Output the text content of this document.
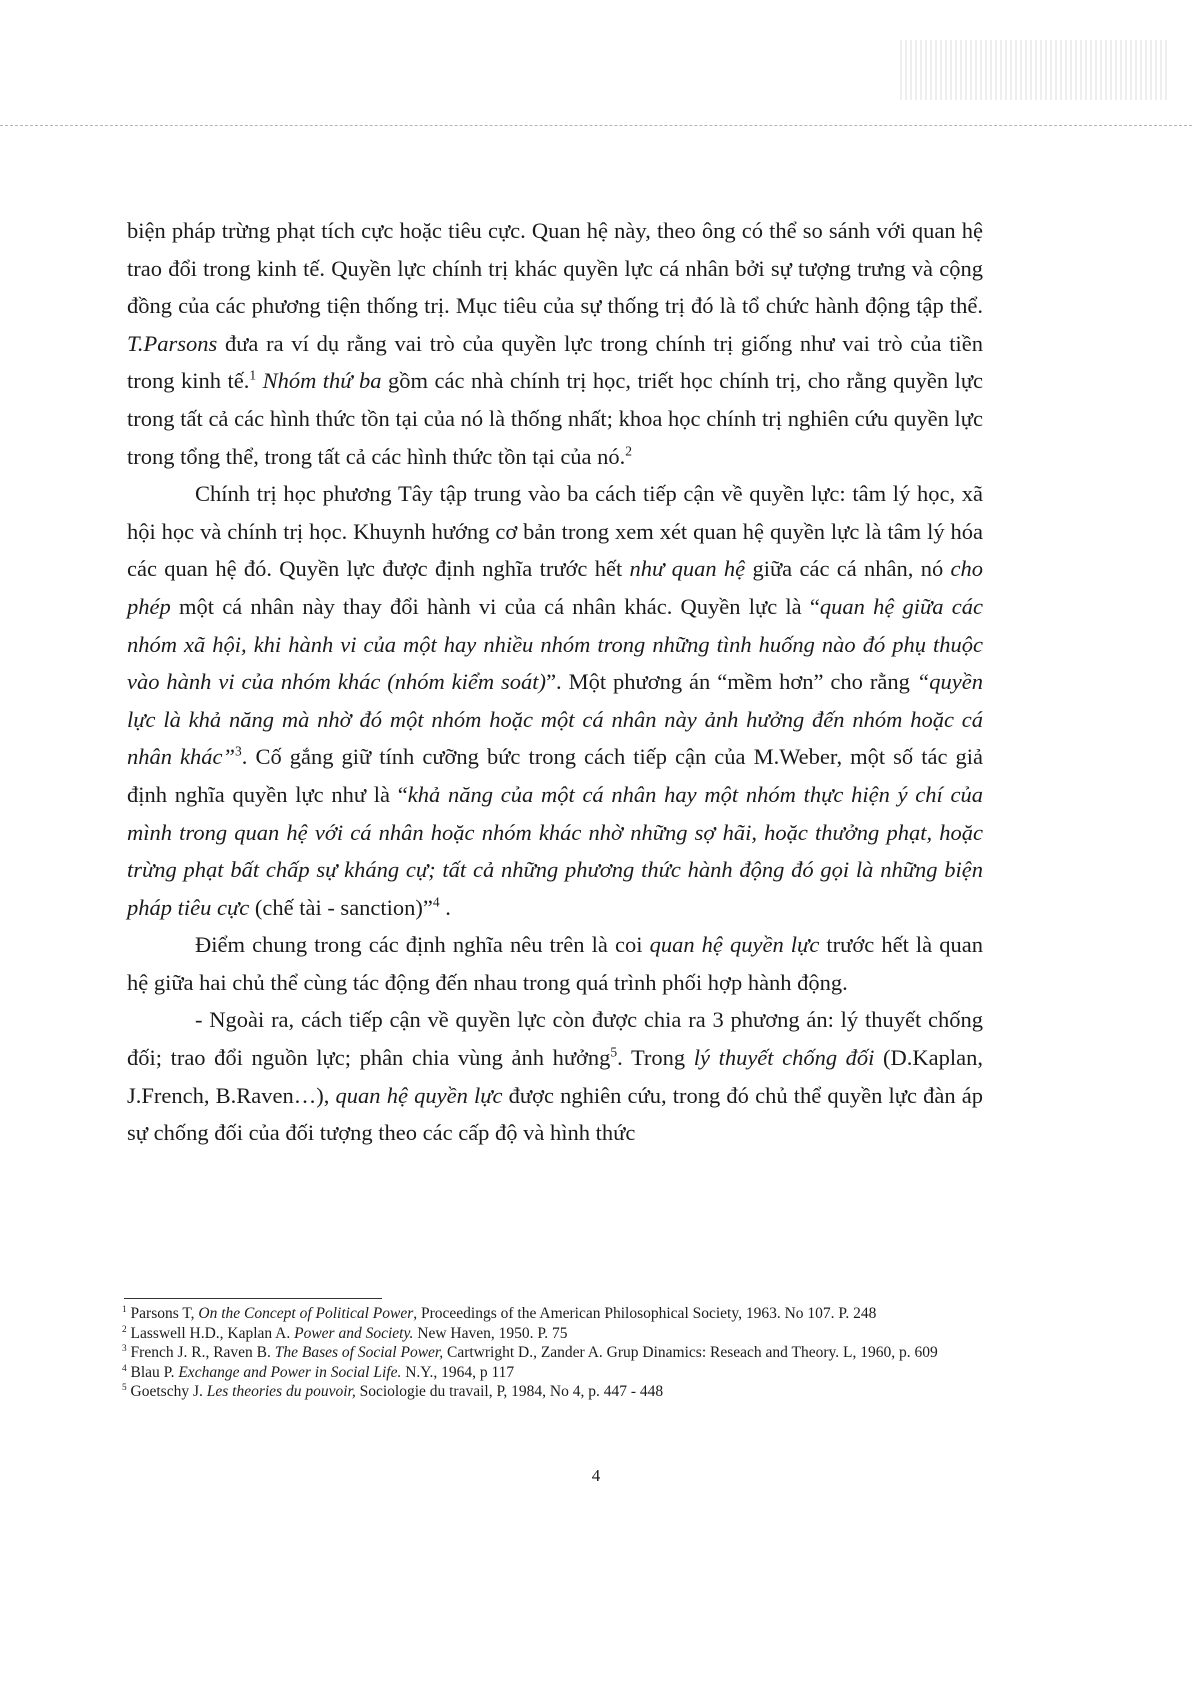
biện pháp trừng phạt tích cực hoặc tiêu cực. Quan hệ này, theo ông có thể so sánh với quan hệ trao đổi trong kinh tế. Quyền lực chính trị khác quyền lực cá nhân bởi sự tượng trưng và cộng đồng của các phương tiện thống trị. Mục tiêu của sự thống trị đó là tổ chức hành động tập thể. T.Parsons đưa ra ví dụ rằng vai trò của quyền lực trong chính trị giống như vai trò của tiền trong kinh tế.$^1$ Nhóm thứ ba gồm các nhà chính trị học, triết học chính trị, cho rằng quyền lực trong tất cả các hình thức tồn tại của nó là thống nhất; khoa học chính trị nghiên cứu quyền lực trong tổng thể, trong tất cả các hình thức tồn tại của nó.$^2$

Chính trị học phương Tây tập trung vào ba cách tiếp cận về quyền lực: tâm lý học, xã hội học và chính trị học. Khuynh hướng cơ bản trong xem xét quan hệ quyền lực là tâm lý hóa các quan hệ đó. Quyền lực được định nghĩa trước hết như quan hệ giữa các cá nhân, nó cho phép một cá nhân này thay đổi hành vi của cá nhân khác. Quyền lực là “quan hệ giữa các nhóm xã hội, khi hành vi của một hay nhiều nhóm trong những tình huống nào đó phụ thuộc vào hành vi của nhóm khác (nhóm kiểm soát)”. Một phương án “mềm hơn” cho rằng “quyền lực là khả năng mà nhờ đó một nhóm hoặc một cá nhân này ảnh hưởng đến nhóm hoặc cá nhân khác”$^3$. Cố gắng giữ tính cưỡng bức trong cách tiếp cận của M.Weber, một số tác giả định nghĩa quyền lực như là “khả năng của một cá nhân hay một nhóm thực hiện ý chí của mình trong quan hệ với cá nhân hoặc nhóm khác nhờ những sợ hãi, hoặc thưởng phạt, hoặc trừng phạt bất chấp sự kháng cự; tất cả những phương thức hành động đó gọi là những biện pháp tiêu cực (chế tài - sanction)”$^4$ .

Điểm chung trong các định nghĩa nêu trên là coi quan hệ quyền lực trước hết là quan hệ giữa hai chủ thể cùng tác động đến nhau trong quá trình phối hợp hành động.

- Ngoài ra, cách tiếp cận về quyền lực còn được chia ra 3 phương án: lý thuyết chống đối; trao đổi nguồn lực; phân chia vùng ảnh hưởng$^5$. Trong lý thuyết chống đối (D.Kaplan, J.French, B.Raven…), quan hệ quyền lực được nghiên cứu, trong đó chủ thể quyền lực đàn áp sự chống đối của đối tượng theo các cấp độ và hình thức

$^1$ Parsons T, On the Concept of Political Power, Proceedings of the American Philosophical Society, 1963. No 107. P. 248

$^2$ Lasswell H.D., Kaplan A. Power and Society. New Haven, 1950. P. 75

$^3$ French J. R., Raven B. The Bases of Social Power, Cartwright D., Zander A. Grup Dinamics: Reseach and Theory. L, 1960, p. 609

$^4$ Blau P. Exchange and Power in Social Life. N.Y., 1964, p 117

$^5$ Goetschy J. Les theories du pouvoir, Sociologie du travail, P, 1984, No 4, p. 447 - 448

4
